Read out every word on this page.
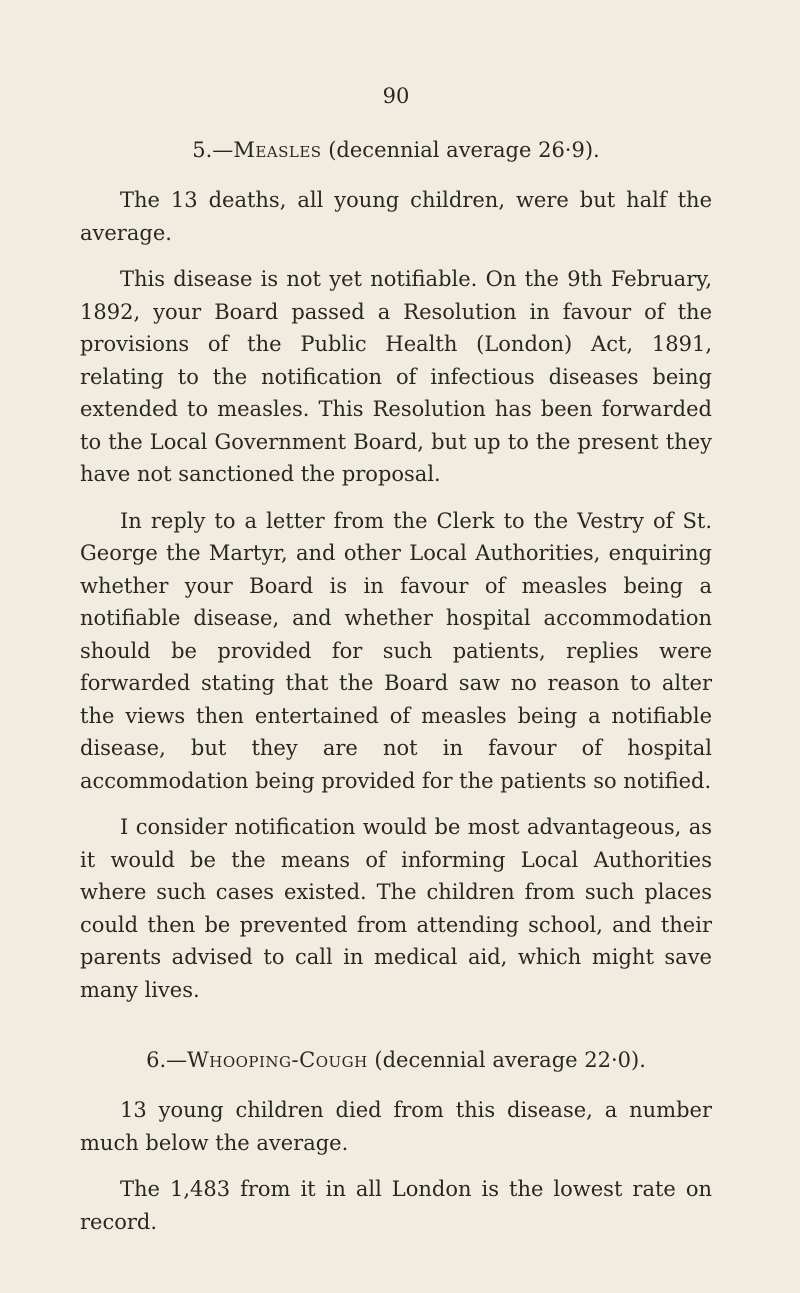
90
5.—Measles (decennial average 26·9).

The 13 deaths, all young children, were but half the average.

This disease is not yet notifiable. On the 9th February, 1892, your Board passed a Resolution in favour of the provisions of the Public Health (London) Act, 1891, relating to the notification of infectious diseases being extended to measles. This Resolution has been forwarded to the Local Government Board, but up to the present they have not sanctioned the proposal.

In reply to a letter from the Clerk to the Vestry of St. George the Martyr, and other Local Authorities, enquiring whether your Board is in favour of measles being a notifiable disease, and whether hospital accommodation should be provided for such patients, replies were forwarded stating that the Board saw no reason to alter the views then entertained of measles being a notifiable disease, but they are not in favour of hospital accommodation being provided for the patients so notified.

I consider notification would be most advantageous, as it would be the means of informing Local Authorities where such cases existed. The children from such places could then be prevented from attending school, and their parents advised to call in medical aid, which might save many lives.

6.—Whooping-Cough (decennial average 22·0).

13 young children died from this disease, a number much below the average.

The 1,483 from it in all London is the lowest rate on record.
